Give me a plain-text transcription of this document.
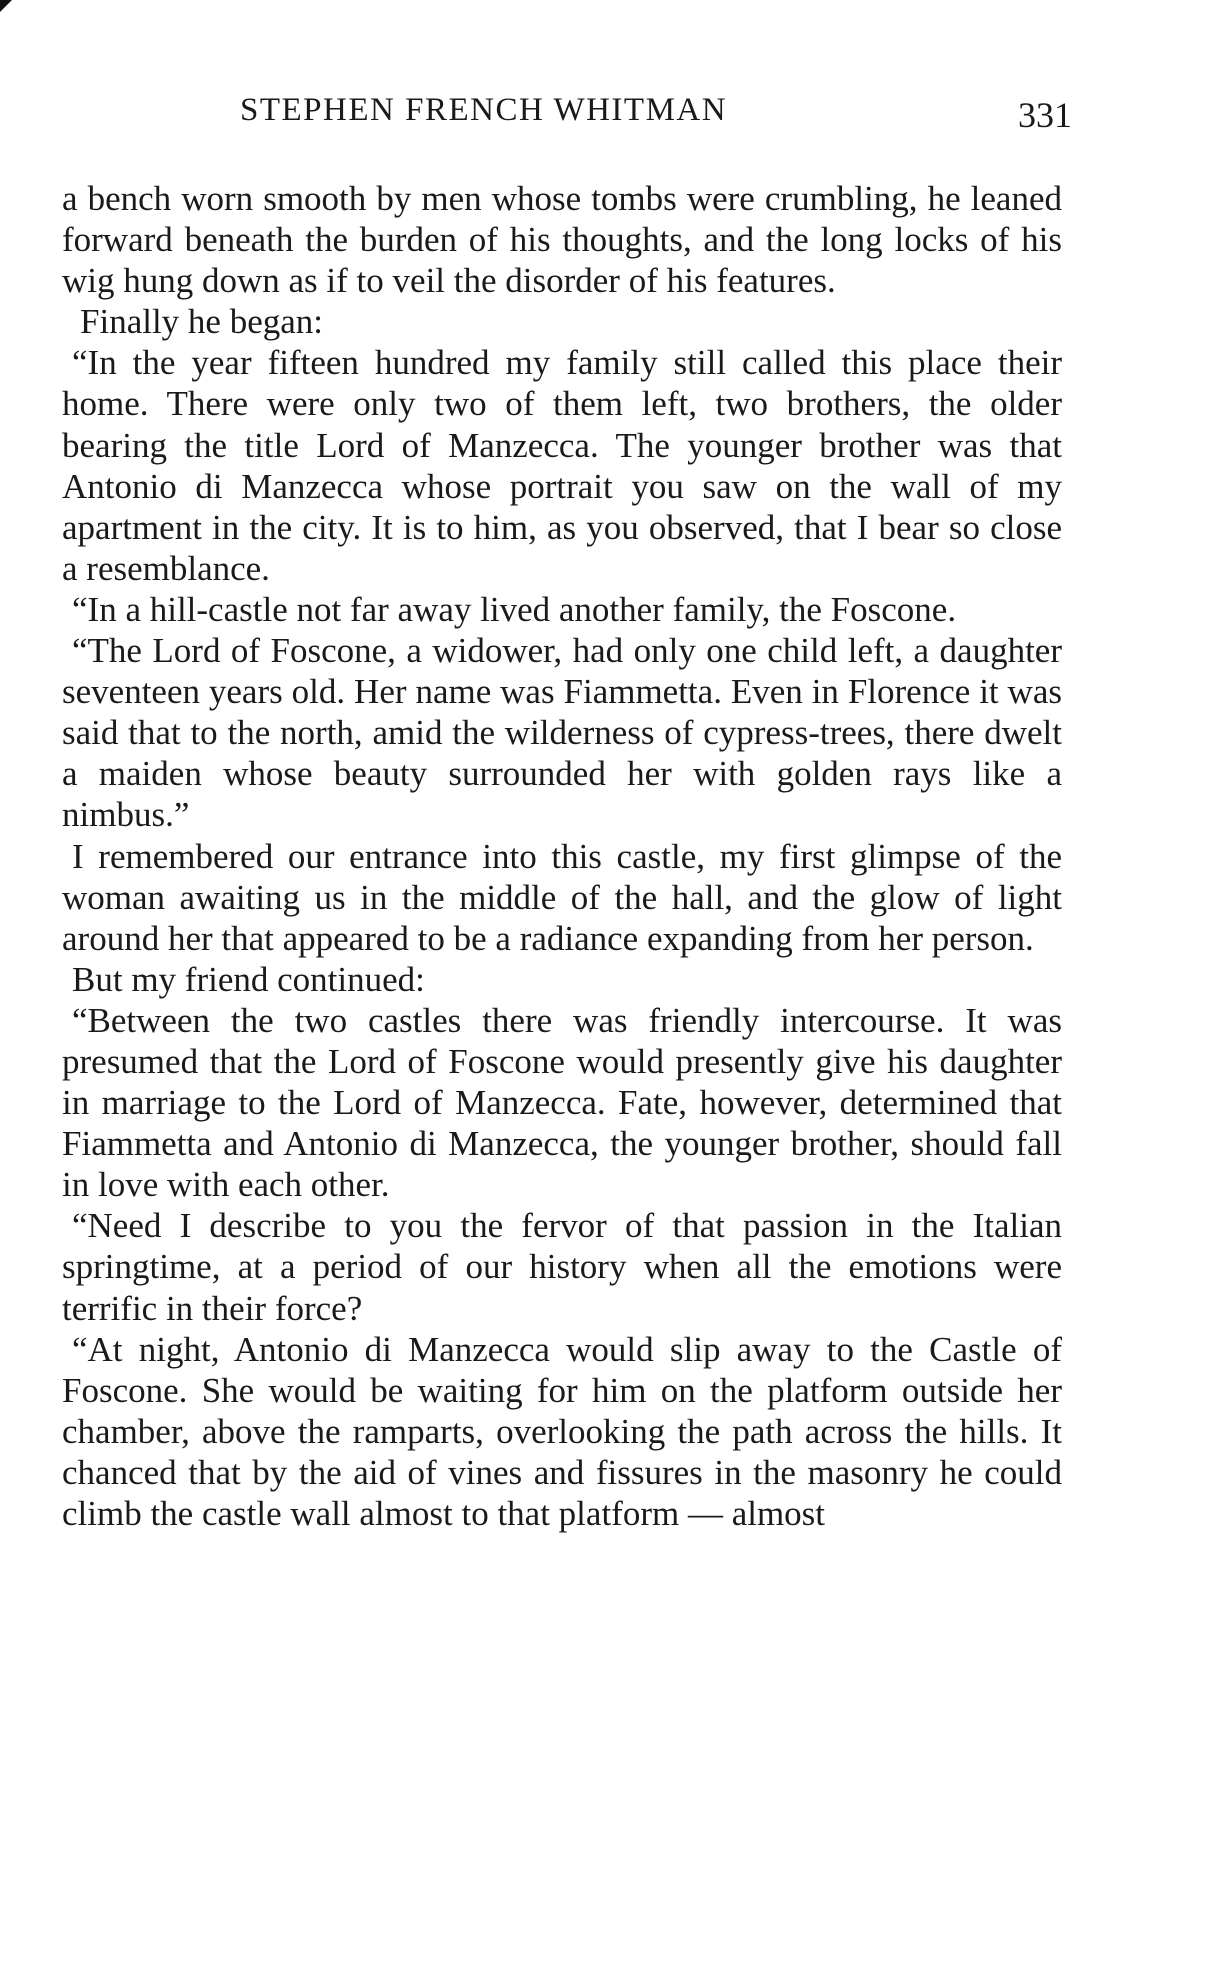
STEPHEN FRENCH WHITMAN	331

a bench worn smooth by men whose tombs were crumbling, he leaned forward beneath the burden of his thoughts, and the long locks of his wig hung down as if to veil the disorder of his features.

Finally he began:

“In the year fifteen hundred my family still called this place their home. There were only two of them left, two brothers, the older bearing the title Lord of Manzecca. The younger brother was that Antonio di Manzecca whose portrait you saw on the wall of my apartment in the city. It is to him, as you observed, that I bear so close a resemblance.

“In a hill-castle not far away lived another family, the Foscone.

“The Lord of Foscone, a widower, had only one child left, a daughter seventeen years old. Her name was Fiammetta. Even in Florence it was said that to the north, amid the wilderness of cypress-trees, there dwelt a maiden whose beauty surrounded her with golden rays like a nimbus.”

I remembered our entrance into this castle, my first glimpse of the woman awaiting us in the middle of the hall, and the glow of light around her that appeared to be a radiance expanding from her person.

But my friend continued:

“Between the two castles there was friendly intercourse. It was presumed that the Lord of Foscone would presently give his daughter in marriage to the Lord of Manzecca. Fate, however, determined that Fiammetta and Antonio di Manzecca, the younger brother, should fall in love with each other.

“Need I describe to you the fervor of that passion in the Italian springtime, at a period of our history when all the emotions were terrific in their force?

“At night, Antonio di Manzecca would slip away to the Castle of Foscone. She would be waiting for him on the platform outside her chamber, above the ramparts, overlooking the path across the hills. It chanced that by the aid of vines and fissures in the masonry he could climb the castle wall almost to that platform — almost
